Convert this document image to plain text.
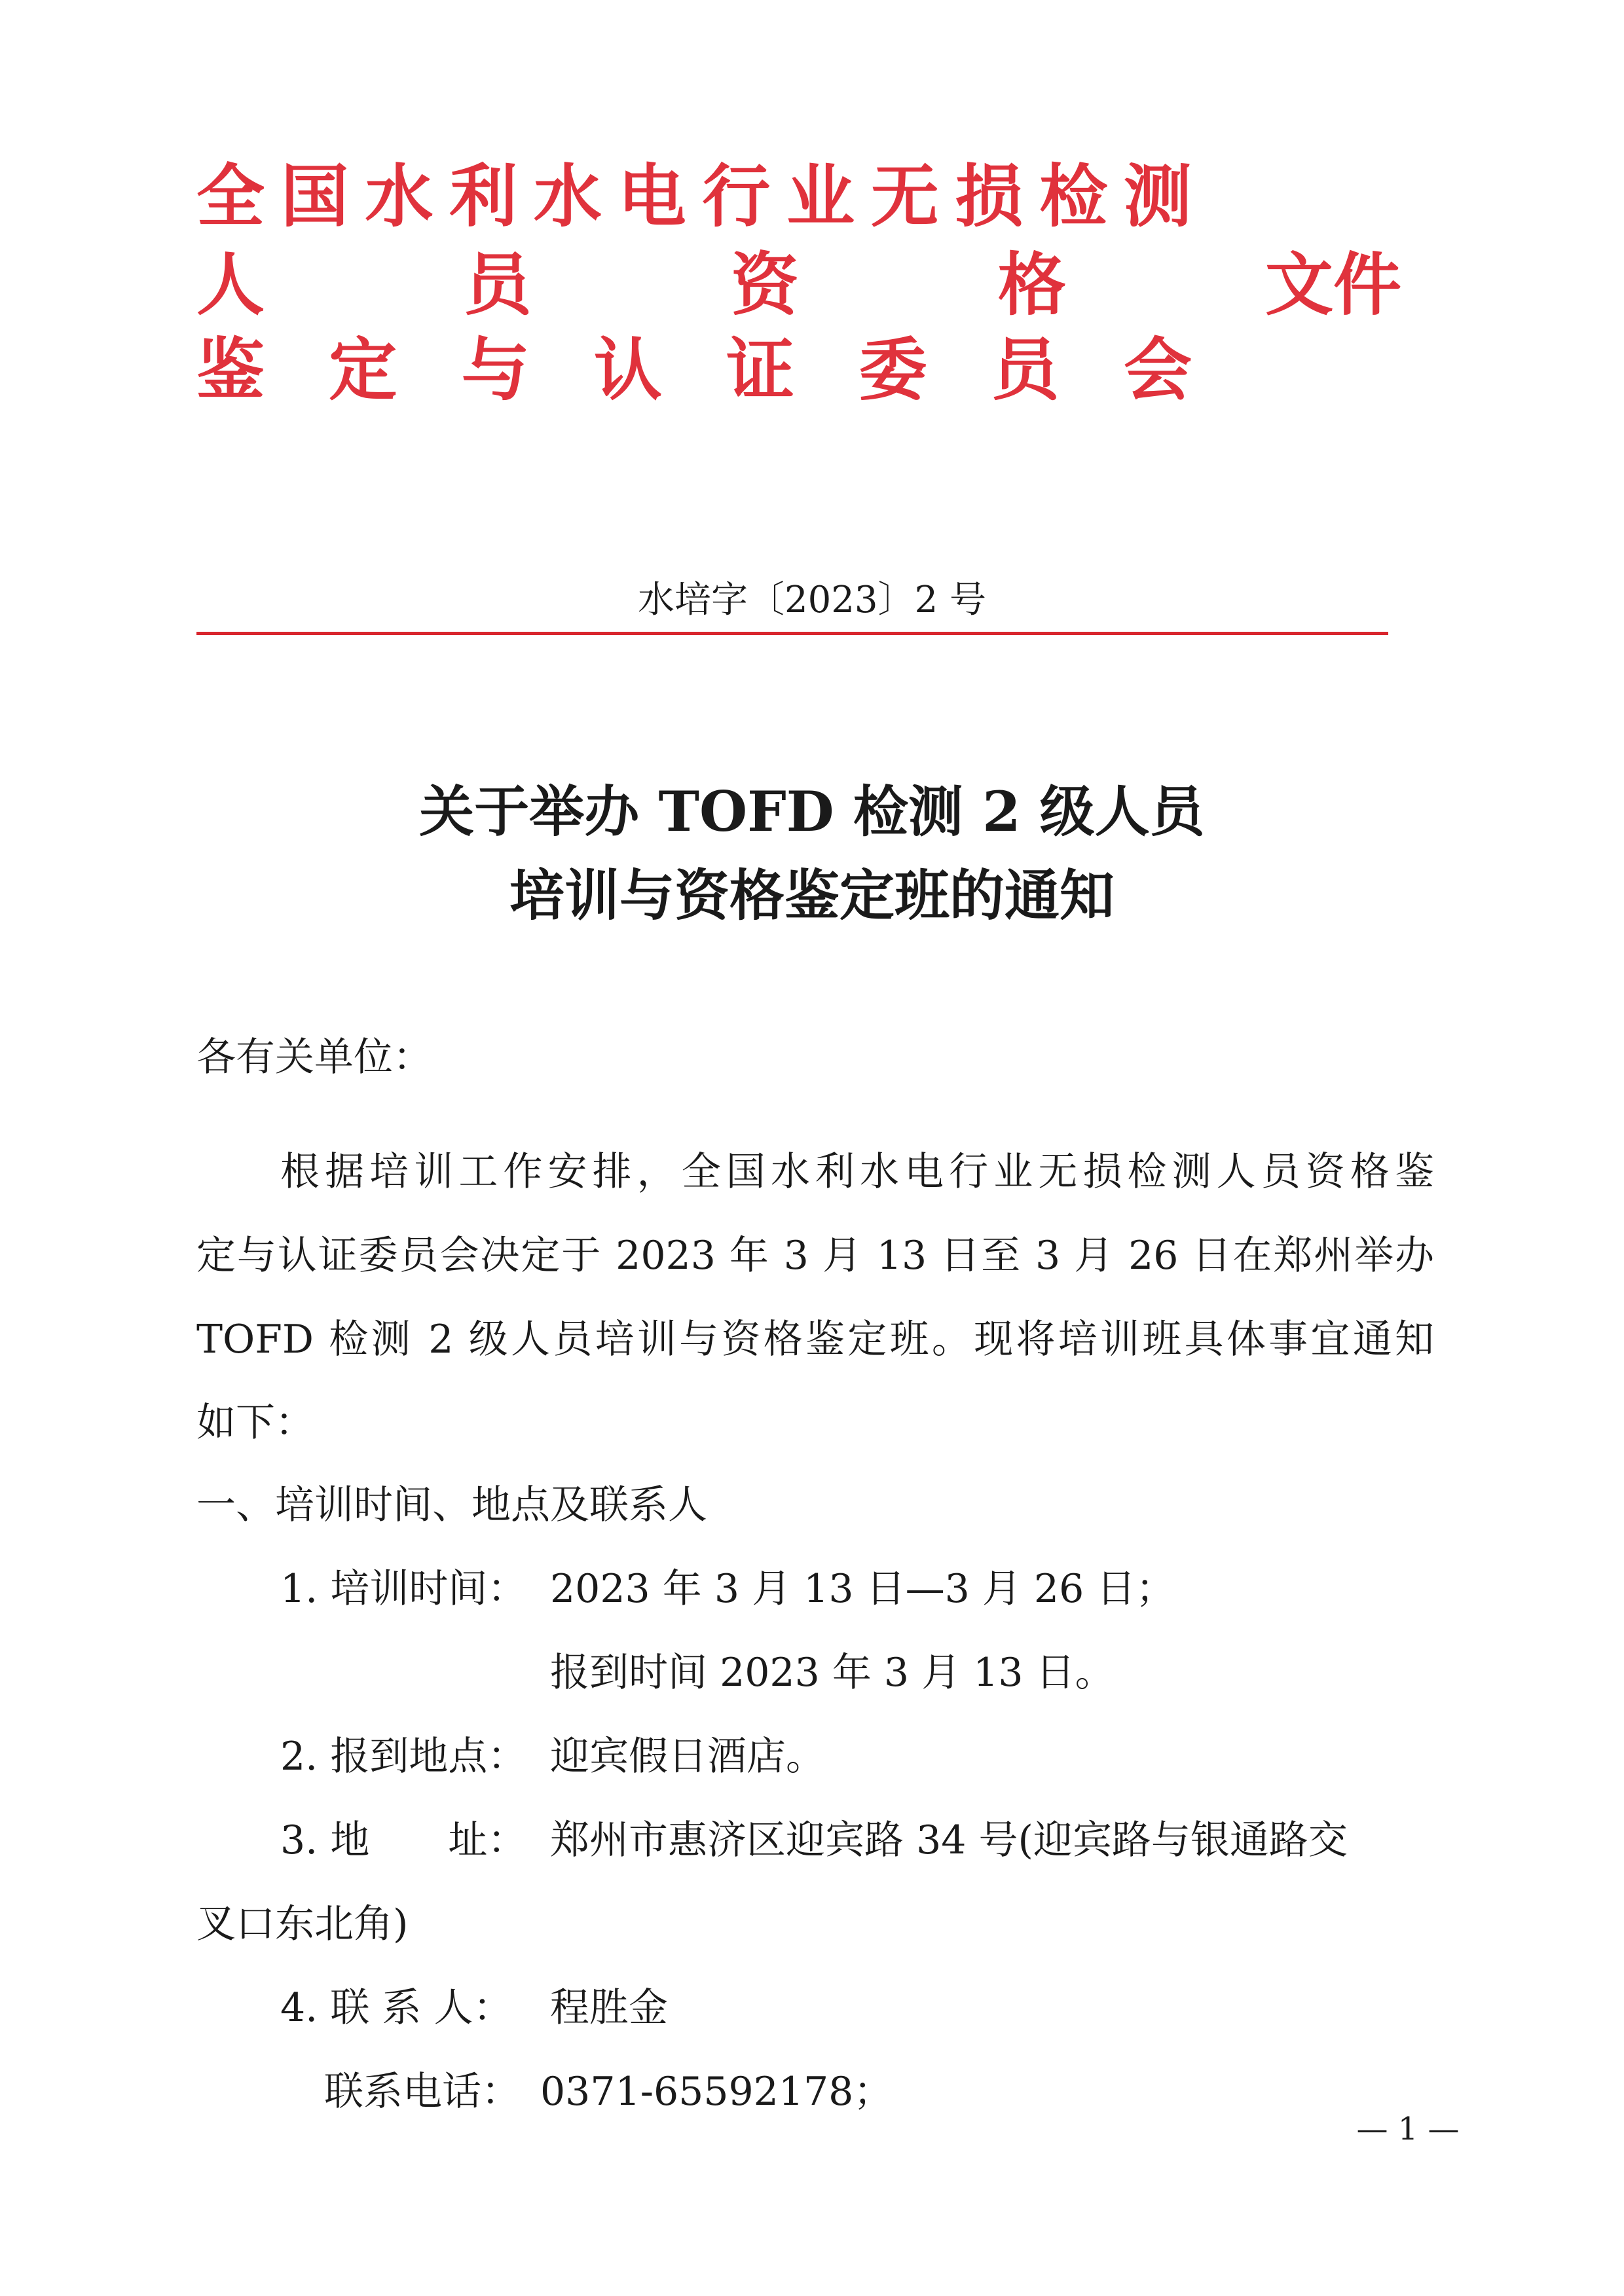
全 国 水 利 水 电 行 业 无 损 检 测
人	员	资	格	文件
鉴 定 与 认 证 委 员 会
水培字〔2023〕2 号
关于举办 TOFD 检测 2 级人员
培训与资格鉴定班的通知
各有关单位：
根据培训工作安排，全国水利水电行业无损检测人员资格鉴
定与认证委员会决定于 2023 年 3 月 13 日至 3 月 26 日在郑州举办
TOFD 检测 2 级人员培训与资格鉴定班。现将培训班具体事宜通知
如下：
一、培训时间、地点及联系人
1. 培训时间： 2023 年 3 月 13 日—3 月 26 日；
报到时间 2023 年 3 月 13 日。
2. 报到地点： 迎宾假日酒店。
3. 地　　址： 郑州市惠济区迎宾路 34 号(迎宾路与银通路交
叉口东北角)
4. 联 系 人： 程胜金
联系电话： 0371-65592178；
— 1 —
